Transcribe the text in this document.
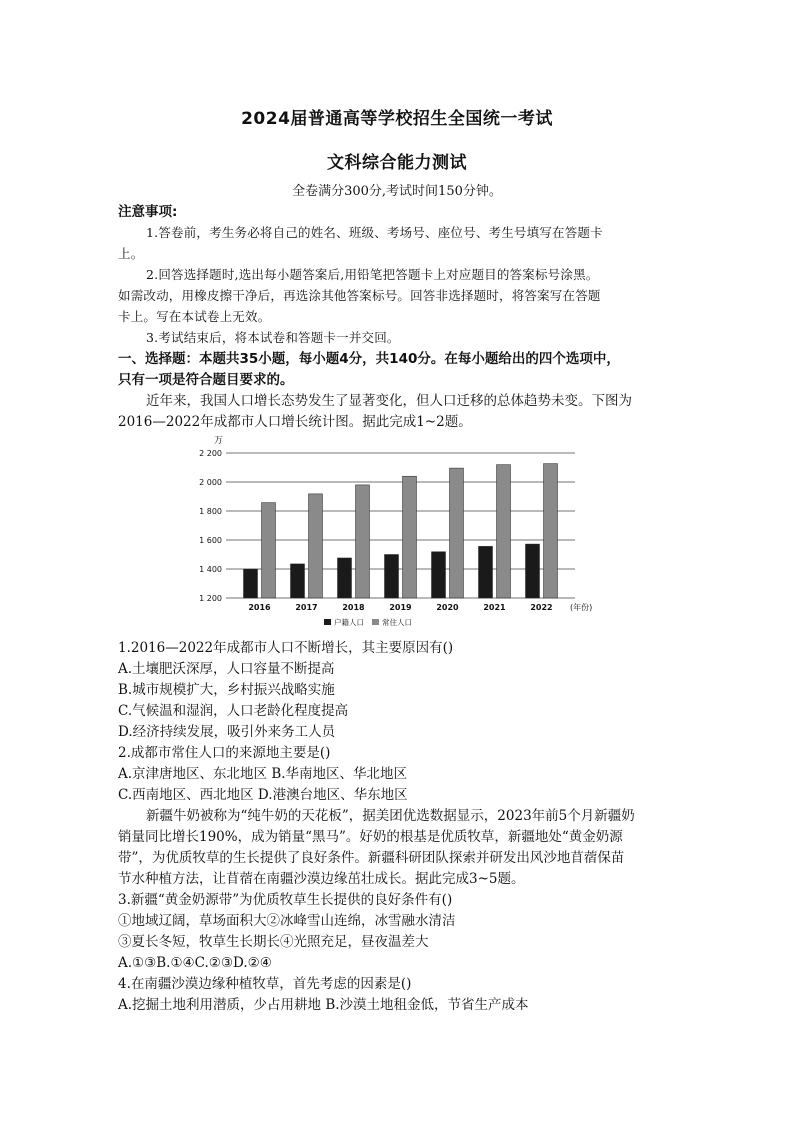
2024届普通高等学校招生全国统一考试
文科综合能力测试
全卷满分300分,考试时间150分钟。
注意事项:
1.答卷前，考生务必将自己的姓名、班级、考场号、座位号、考生号填写在答题卡
上。
2.回答选择题时,选出每小题答案后,用铅笔把答题卡上对应题目的答案标号涂黑。
如需改动，用橡皮擦干净后，再选涂其他答案标号。回答非选择题时，将答案写在答题
卡上。写在本试卷上无效。
3.考试结束后，将本试卷和答题卡一并交回。
一、选择题：本题共35小题，每小题4分，共140分。在每小题给出的四个选项中，
只有一项是符合题目要求的。
近年来，我国人口增长态势发生了显著变化，但人口迁移的总体趋势未变。下图为
2016—2022年成都市人口增长统计图。据此完成1~2题。
万
1 200
1 400
1 600
1 800
2 000
2 200
2016	2017	2018	2019	2020	2021	2022 (年份)
户籍人口 常住人口
1.2016—2022年成都市人口不断增长，其主要原因有()
A.土壤肥沃深厚，人口容量不断提高
B.城市规模扩大，乡村振兴战略实施
C.气候温和湿润，人口老龄化程度提高
D.经济持续发展，吸引外来务工人员
2.成都市常住人口的来源地主要是()
A.京津唐地区、东北地区 B.华南地区、华北地区
C.西南地区、西北地区 D.港澳台地区、华东地区
新疆牛奶被称为“纯牛奶的天花板”，据美团优选数据显示，2023年前5个月新疆奶
销量同比增长190%，成为销量“黑马”。好奶的根基是优质牧草，新疆地处“黄金奶源
带”，为优质牧草的生长提供了良好条件。新疆科研团队探索并研发出风沙地苜蓿保苗
节水种植方法，让苜蓿在南疆沙漠边缘茁壮成长。据此完成3~5题。
3.新疆“黄金奶源带”为优质牧草生长提供的良好条件有()
①地域辽阔，草场面积大②冰峰雪山连绵，冰雪融水清洁
③夏长冬短，牧草生长期长④光照充足，昼夜温差大
A.①③B.①④C.②③D.②④
4.在南疆沙漠边缘种植牧草，首先考虑的因素是()
A.挖掘土地利用潜质，少占用耕地 B.沙漠土地租金低，节省生产成本
